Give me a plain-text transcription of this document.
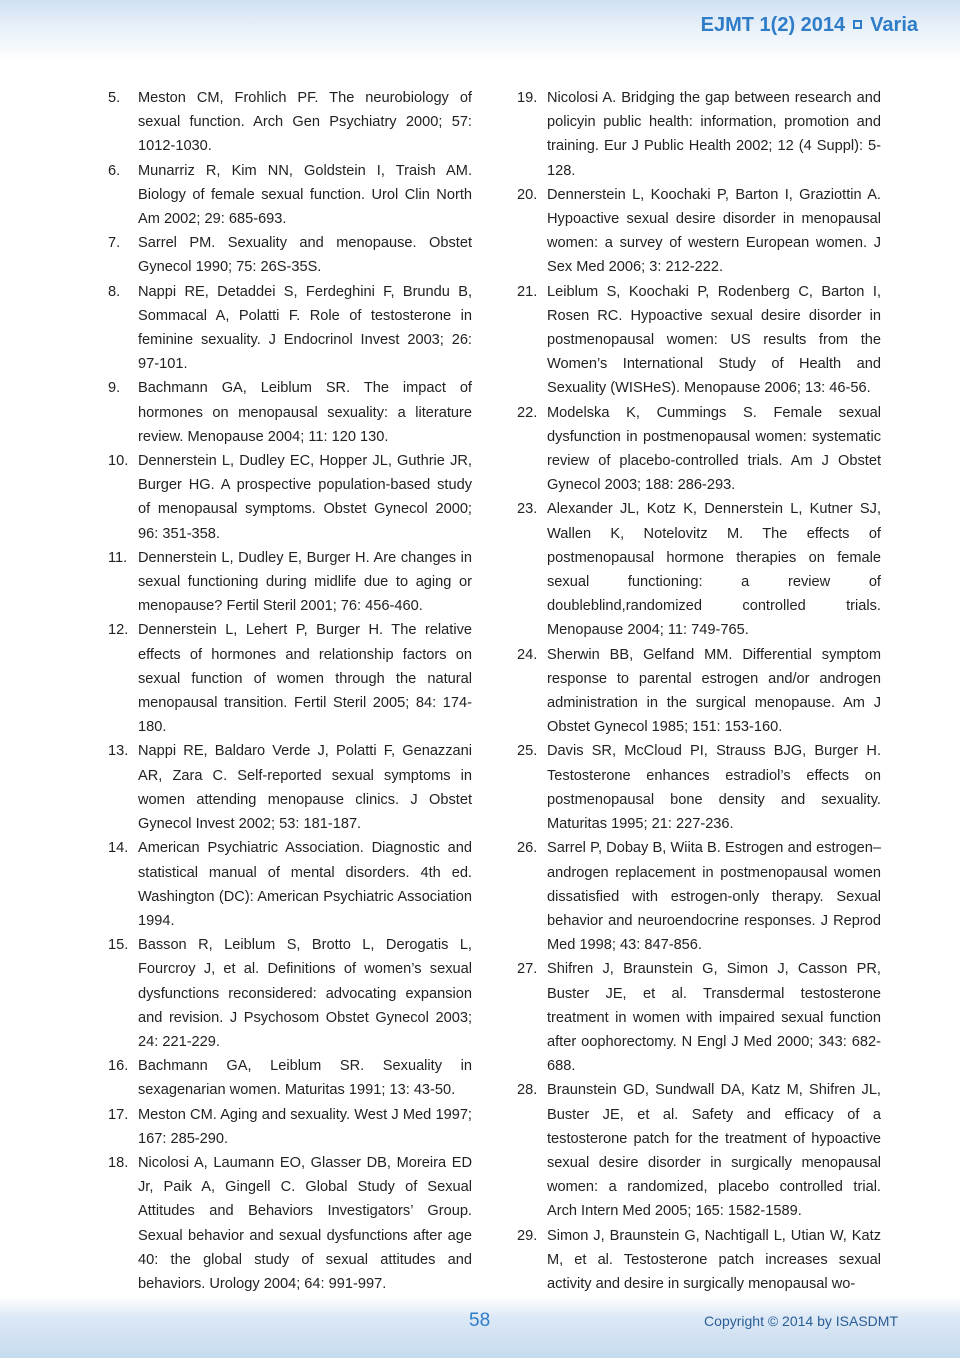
EJMT 1(2) 2014 Varia

5. Meston CM, Frohlich PF. The neurobiology of sexual function. Arch Gen Psychiatry 2000; 57: 1012-1030.

6. Munarriz R, Kim NN, Goldstein I, Traish AM. Biology of female sexual function. Urol Clin North Am 2002; 29: 685-693.

7. Sarrel PM. Sexuality and menopause. Obstet Gynecol 1990; 75: 26S-35S.

8. Nappi RE, Detaddei S, Ferdeghini F, Brundu B, Sommacal A, Polatti F. Role of testosterone in feminine sexuality. J Endocrinol Invest 2003; 26: 97-101.

9. Bachmann GA, Leiblum SR. The impact of hormones on menopausal sexuality: a literature review. Menopause 2004; 11: 120 130.

10. Dennerstein L, Dudley EC, Hopper JL, Guthrie JR, Burger HG. A prospective population-based study of menopausal symptoms. Obstet Gynecol 2000; 96: 351-358.

11. Dennerstein L, Dudley E, Burger H. Are changes in sexual functioning during midlife due to aging or menopause? Fertil Steril 2001; 76: 456-460.

12. Dennerstein L, Lehert P, Burger H. The relative effects of hormones and relationship factors on sexual function of women through the natural menopausal transition. Fertil Steril 2005; 84: 174-180.

13. Nappi RE, Baldaro Verde J, Polatti F, Genazzani AR, Zara C. Self-reported sexual symptoms in women attending menopause clinics. J Obstet Gynecol Invest 2002; 53: 181-187.

14. American Psychiatric Association. Diagnostic and statistical manual of mental disorders. 4th ed. Washington (DC): American Psychiatric Association 1994.

15. Basson R, Leiblum S, Brotto L, Derogatis L, Fourcroy J, et al. Definitions of women’s sexual dysfunctions reconsidered: advocating expansion and revision. J Psychosom Obstet Gynecol 2003; 24: 221-229.

16. Bachmann GA, Leiblum SR. Sexuality in sexagenarian women. Maturitas 1991; 13: 43-50.

17. Meston CM. Aging and sexuality. West J Med 1997; 167: 285-290.

18. Nicolosi A, Laumann EO, Glasser DB, Moreira ED Jr, Paik A, Gingell C. Global Study of Sexual Attitudes and Behaviors Investigators’ Group. Sexual behavior and sexual dysfunctions after age 40: the global study of sexual attitudes and behaviors. Urology 2004; 64: 991-997.

19. Nicolosi A. Bridging the gap between research and policyin public health: information, promotion and training. Eur J Public Health 2002; 12 (4 Suppl): 5-128.

20. Dennerstein L, Koochaki P, Barton I, Graziottin A. Hypoactive sexual desire disorder in menopausal women: a survey of western European women. J Sex Med 2006; 3: 212-222.

21. Leiblum S, Koochaki P, Rodenberg C, Barton I, Rosen RC. Hypoactive sexual desire disorder in postmenopausal women: US results from the Women’s International Study of Health and Sexuality (WISHeS). Menopause 2006; 13: 46-56.

22. Modelska K, Cummings S. Female sexual dysfunction in postmenopausal women: systematic review of placebo-controlled trials. Am J Obstet Gynecol 2003; 188: 286-293.

23. Alexander JL, Kotz K, Dennerstein L, Kutner SJ, Wallen K, Notelovitz M. The effects of postmenopausal hormone therapies on female sexual functioning: a review of doubleblind,randomized controlled trials. Menopause 2004; 11: 749-765.

24. Sherwin BB, Gelfand MM. Differential symptom response to parental estrogen and/or androgen administration in the surgical menopause. Am J Obstet Gynecol 1985; 151: 153-160.

25. Davis SR, McCloud PI, Strauss BJG, Burger H. Testosterone enhances estradiol’s effects on postmenopausal bone density and sexuality. Maturitas 1995; 21: 227-236.

26. Sarrel P, Dobay B, Wiita B. Estrogen and estrogen–androgen replacement in postmenopausal women dissatisfied with estrogen-only therapy. Sexual behavior and neuroendocrine responses. J Reprod Med 1998; 43: 847-856.

27. Shifren J, Braunstein G, Simon J, Casson PR, Buster JE, et al. Transdermal testosterone treatment in women with impaired sexual function after oophorectomy. N Engl J Med 2000; 343: 682-688.

28. Braunstein GD, Sundwall DA, Katz M, Shifren JL, Buster JE, et al. Safety and efficacy of a testosterone patch for the treatment of hypoactive sexual desire disorder in surgically menopausal women: a randomized, placebo controlled trial. Arch Intern Med 2005; 165: 1582-1589.

29. Simon J, Braunstein G, Nachtigall L, Utian W, Katz M, et al. Testosterone patch increases sexual activity and desire in surgically menopausal wo-

58	Copyright © 2014 by ISASDMT
